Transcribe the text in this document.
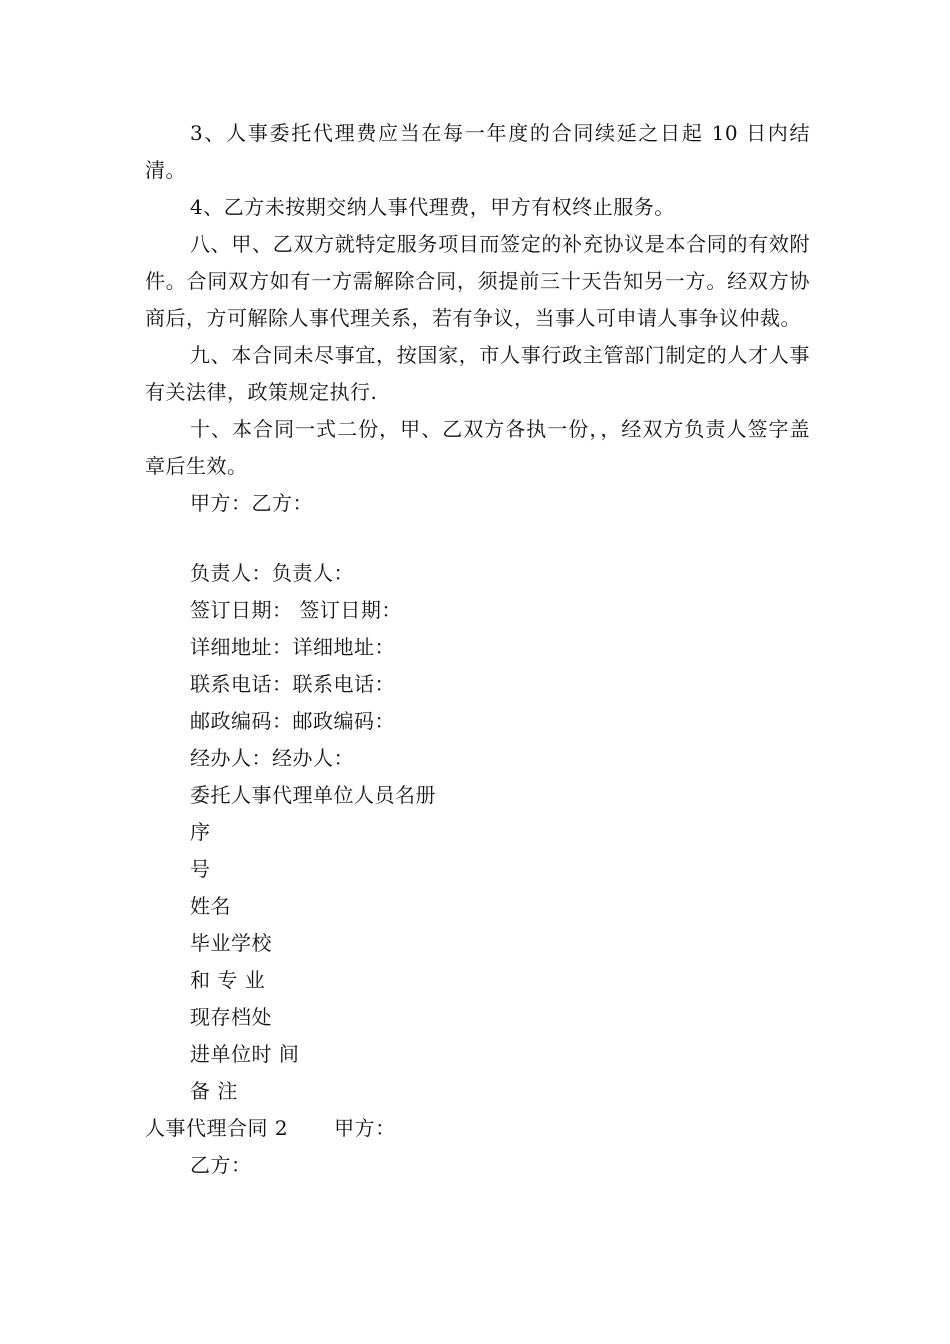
3、人事委托代理费应当在每一年度的合同续延之日起 10 日内结清。

4、乙方未按期交纳人事代理费，甲方有权终止服务。

八、甲、乙双方就特定服务项目而签定的补充协议是本合同的有效附件。合同双方如有一方需解除合同，须提前三十天告知另一方。经双方协商后，方可解除人事代理关系，若有争议，当事人可申请人事争议仲裁。

九、本合同未尽事宜，按国家，市人事行政主管部门制定的人才人事有关法律，政策规定执行.

十、本合同一式二份，甲、乙双方各执一份，，经双方负责人签字盖章后生效。

甲方：乙方：

负责人：负责人：

签订日期： 签订日期：

详细地址：详细地址：

联系电话：联系电话：

邮政编码：邮政编码：

经办人：经办人：

委托人事代理单位人员名册

序

号

姓名

毕业学校

和 专 业

现存档处

进单位时 间

备 注

人事代理合同 2 甲方：

乙方：
